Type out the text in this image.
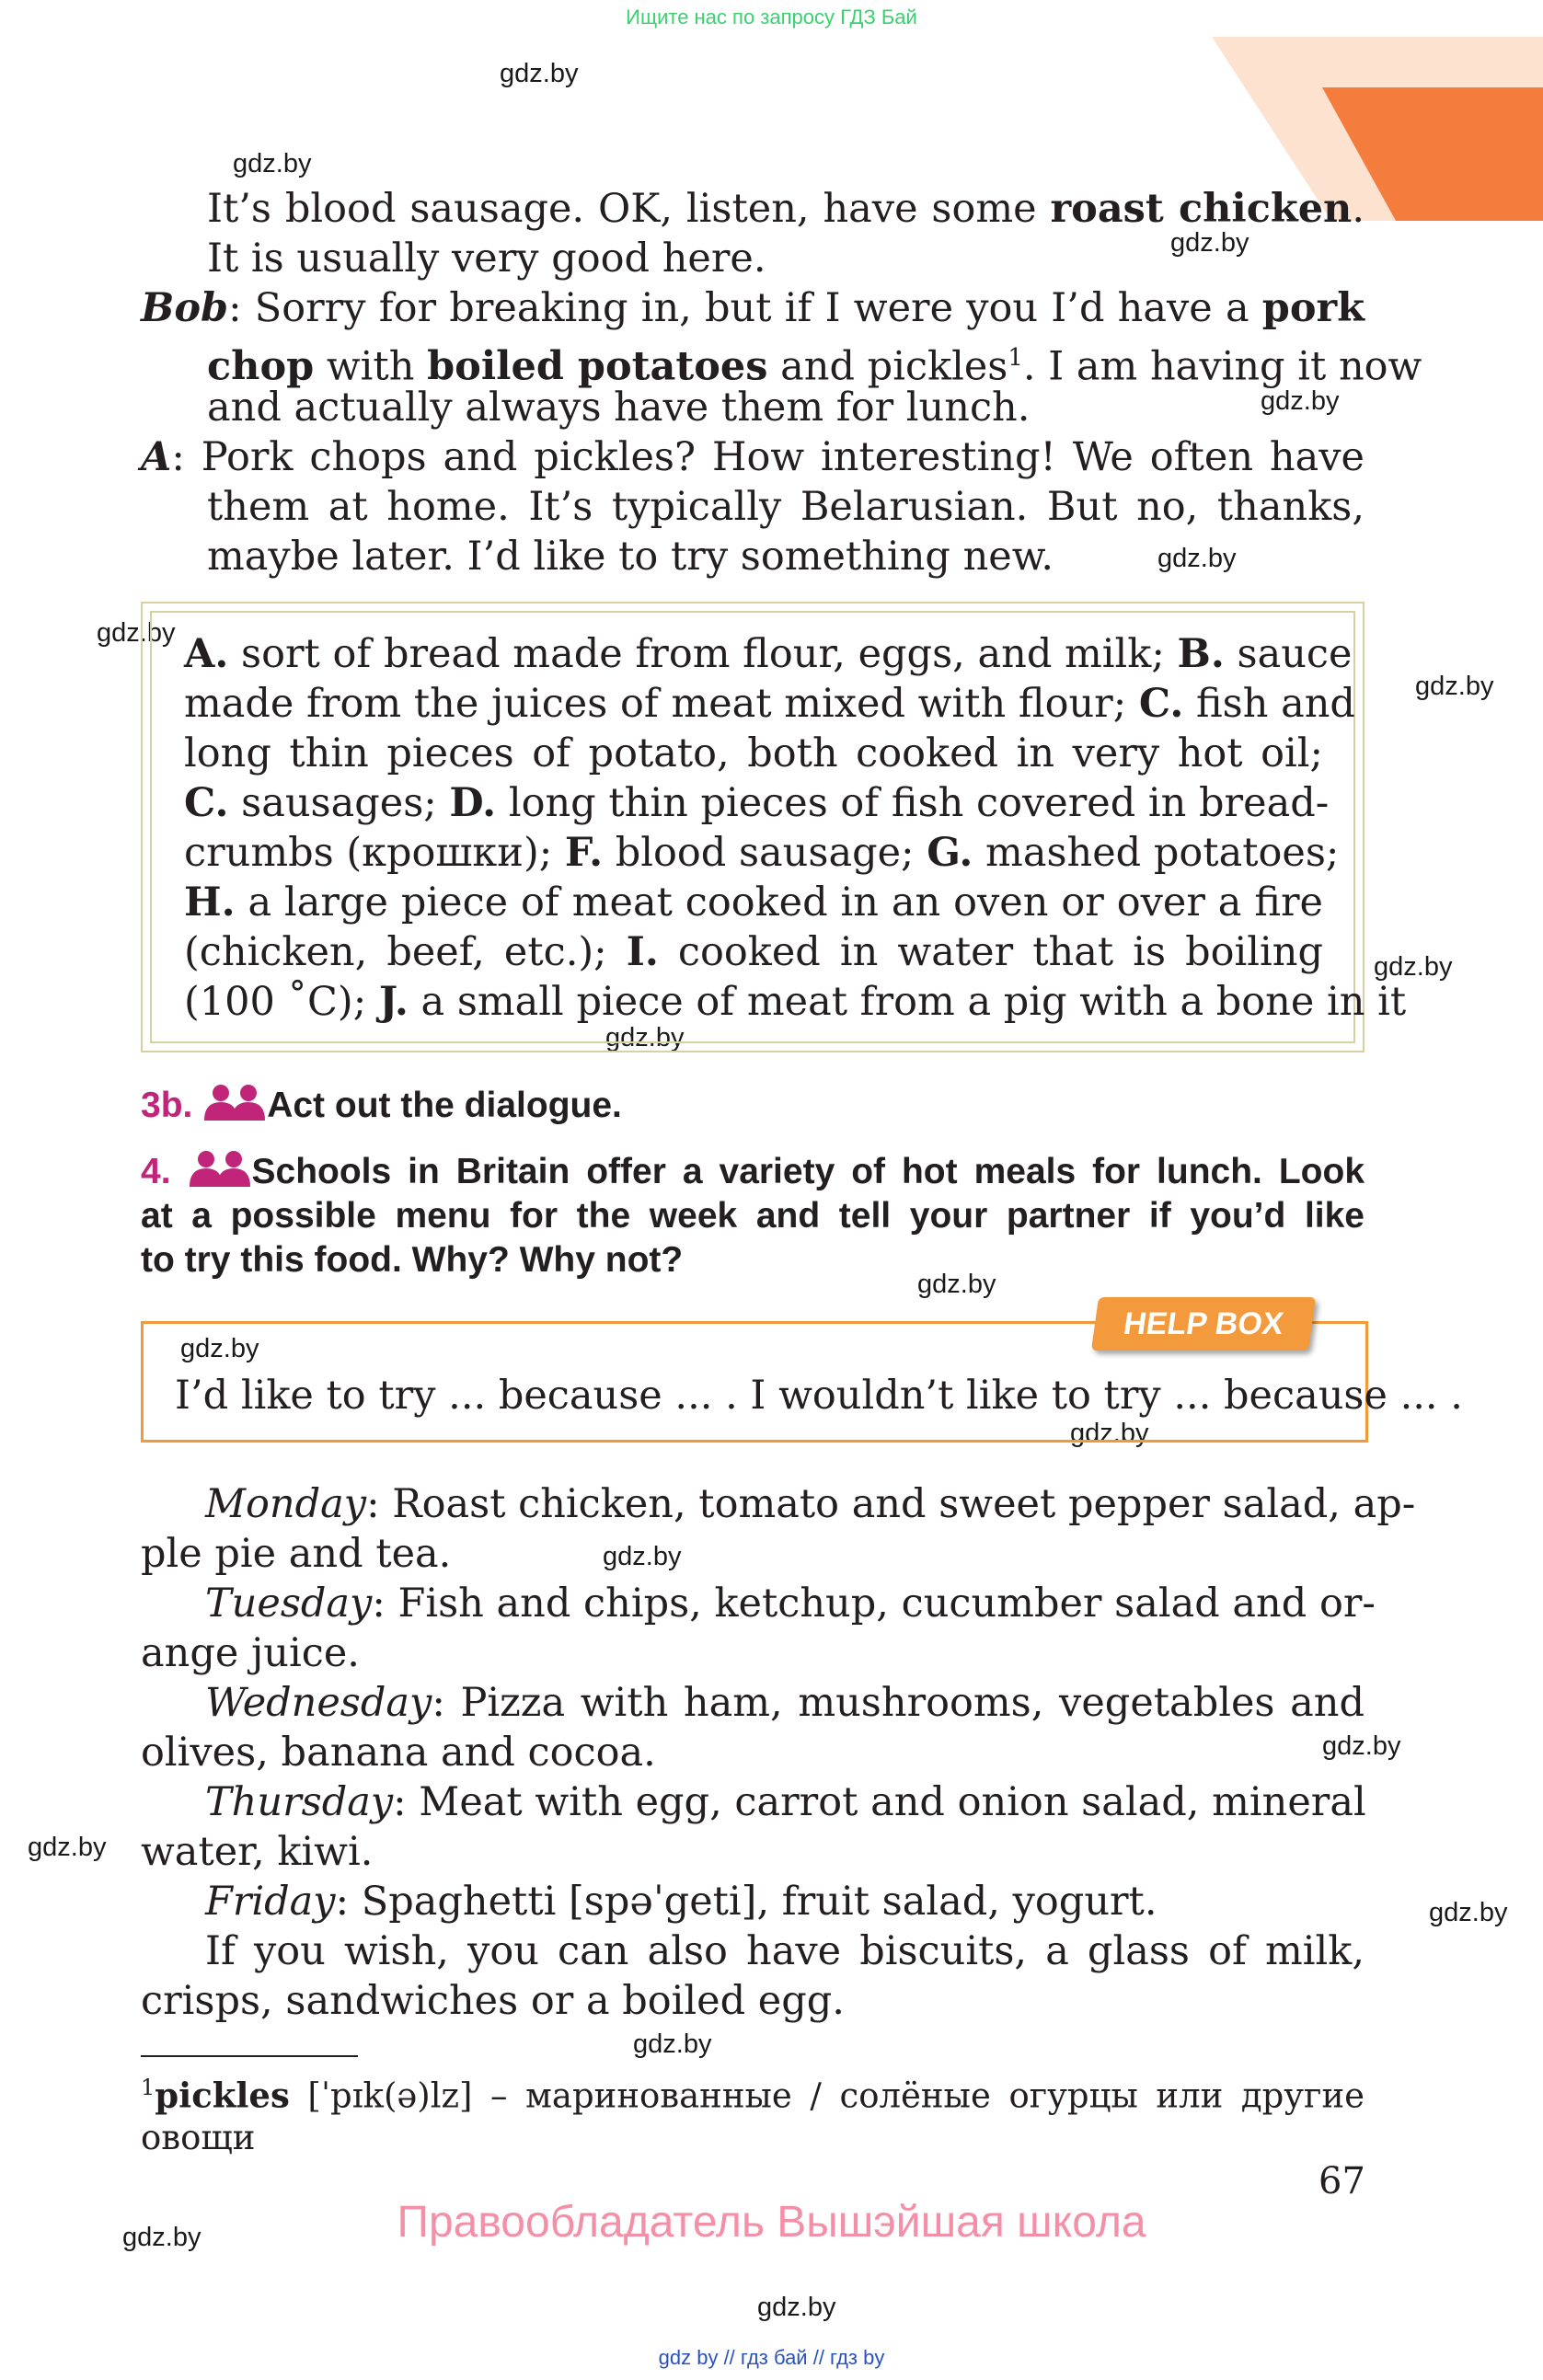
Ищите нас по запросу ГДЗ Бай
gdz.by
gdz.by
gdz.by
gdz.by
gdz.by
gdz.by
gdz.by
gdz.by
gdz.by
gdz.by
gdz.by
gdz.by
gdz.by
gdz.by
gdz.by
gdz.by
gdz.by
gdz.by
gdz.by
It’s blood sausage. OK, listen, have some roast chicken.
It is usually very good here.
Bob: Sorry for breaking in, but if I were you I’d have a pork
chop with boiled potatoes and pickles$^1$. I am having it now
and actually always have them for lunch.
A: Pork chops and pickles? How interesting! We often have
them at home. It’s typically Belarusian. But no, thanks,
maybe later. I’d like to try something new.
A. sort of bread made from flour, eggs, and milk; B. sauce
made from the juices of meat mixed with flour; C. fish and
long thin pieces of potato, both cooked in very hot oil;
C. sausages; D. long thin pieces of fish covered in bread-
crumbs (крошки); F. blood sausage; G. mashed potatoes;
H. a large piece of meat cooked in an oven or over a fire
(chicken, beef, etc.); I. cooked in water that is boiling
(100 ˚C); J. a small piece of meat from a pig with a bone in it
3b. Act out the dialogue.
4. Schools in Britain offer a variety of hot meals for lunch. Look
at a possible menu for the week and tell your partner if you’d like
to try this food. Why? Why not?
HELP BOX
I’d like to try ... because ... . I wouldn’t like to try ... because ... .
Monday: Roast chicken, tomato and sweet pepper salad, ap-
ple pie and tea.
Tuesday: Fish and chips, ketchup, cucumber salad and or-
ange juice.
Wednesday: Pizza with ham, mushrooms, vegetables and
olives, banana and cocoa.
Thursday: Meat with egg, carrot and onion salad, mineral
water, kiwi.
Friday: Spaghetti [spəˈgeti], fruit salad, yogurt.
If you wish, you can also have biscuits, a glass of milk,
crisps, sandwiches or a boiled egg.
$^1$pickles [ˈpɪk(ə)lz] – маринованные / солёные огурцы или другие
овощи
67
Правообладатель Вышэйшая школа
gdz by // гдз бай // гдз by
